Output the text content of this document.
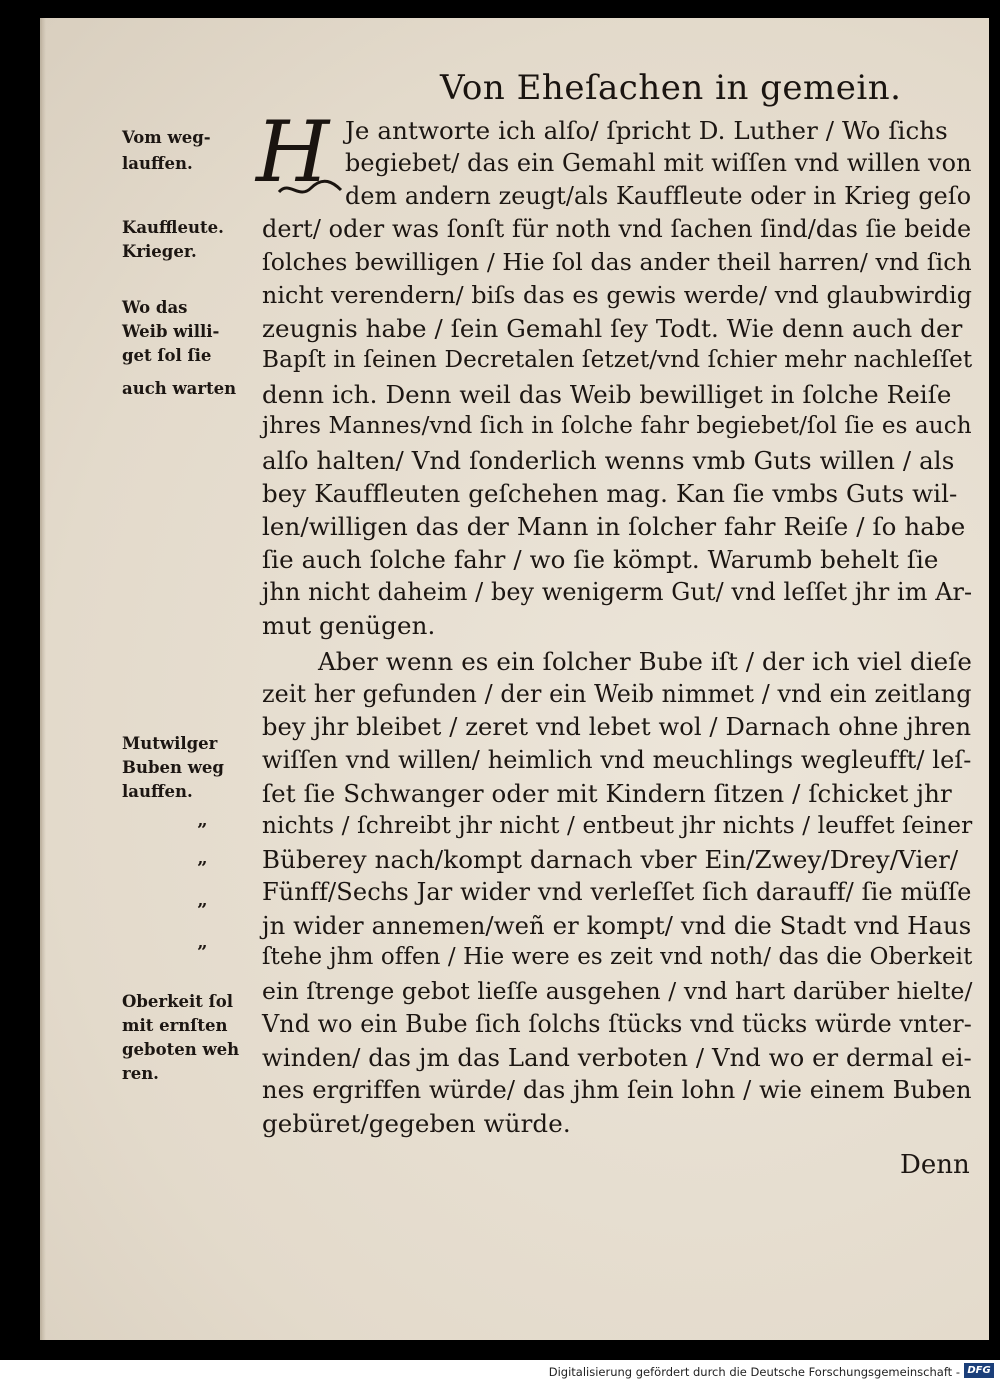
Von Eheſachen in gemein.
H Je antworte ich alſo/ ſpricht D. Luther / Wo ſichs
begiebet/ das ein Gemahl mit wiſſen vnd willen von
dem andern zeugt/als Kauffleute oder in Krieg geſo
dert/ oder was ſonſt für noth vnd ſachen ſind/das ſie beide
ſolches bewilligen / Hie ſol das ander theil harren/ vnd ſich
nicht verendern/ biſs das es gewis werde/ vnd glaubwirdig
zeugnis habe / ſein Gemahl ſey Todt. Wie denn auch der
Bapſt in ſeinen Decretalen ſetzet/vnd ſchier mehr nachleſſet
denn ich. Denn weil das Weib bewilliget in ſolche Reiſe
jhres Mannes/vnd ſich in ſolche fahr begiebet/ſol ſie es auch
alſo halten/ Vnd ſonderlich wenns vmb Guts willen / als
bey Kauffleuten geſchehen mag. Kan ſie vmbs Guts wil-
len/willigen das der Mann in ſolcher fahr Reiſe / ſo habe
ſie auch ſolche fahr / wo ſie kömpt. Warumb behelt ſie
jhn nicht daheim / bey wenigerm Gut/ vnd leſſet jhr im Ar-
mut genügen.
Aber wenn es ein ſolcher Bube iſt / der ich viel dieſe
zeit her gefunden / der ein Weib nimmet / vnd ein zeitlang
bey jhr bleibet / zeret vnd lebet wol / Darnach ohne jhren
wiſſen vnd willen/ heimlich vnd meuchlings wegleufft/ leſ-
ſet ſie Schwanger oder mit Kindern ſitzen / ſchicket jhr
nichts / ſchreibt jhr nicht / entbeut jhr nichts / leuffet ſeiner
Büberey nach/kompt darnach vber Ein/Zwey/Drey/Vier/
Fünff/Sechs Jar wider vnd verleſſet ſich darauff/ ſie müſſe
jn wider annemen/weñ er kompt/ vnd die Stadt vnd Haus
ſtehe jhm offen / Hie were es zeit vnd noth/ das die Oberkeit
ein ſtrenge gebot lieſſe ausgehen / vnd hart darüber hielte/
Vnd wo ein Bube ſich ſolchs ſtücks vnd tücks würde vnter-
winden/ das jm das Land verboten / Vnd wo er dermal ei-
nes ergriffen würde/ das jhm ſein lohn / wie einem Buben
gebüret/gegeben würde.
Vom weg-
lauffen.
Kauffleute.
Krieger.
Wo das
Weib willi-
get ſol ſie
auch warten
Mutwilger
Buben weg
lauffen.
Oberkeit ſol
mit ernſten
geboten weh
ren.
”
”
”
”
Denn
Digitalisierung gefördert durch die Deutsche Forschungsgemeinschaft - DFG
